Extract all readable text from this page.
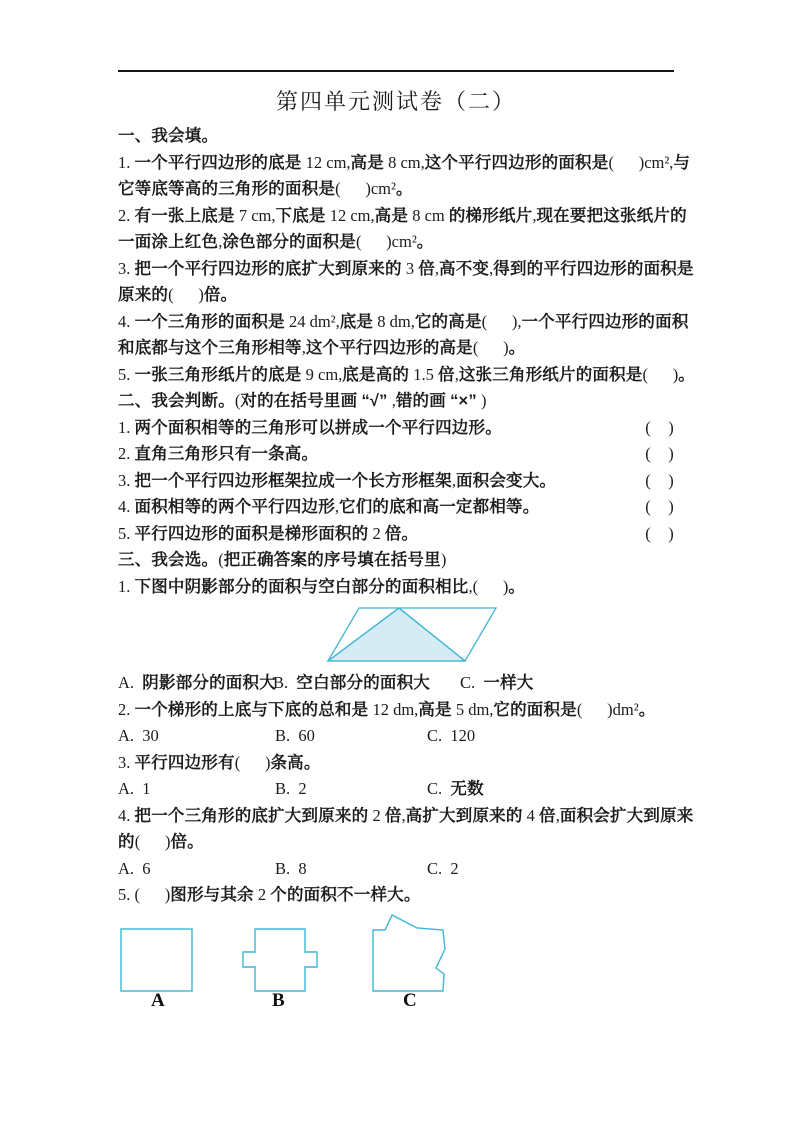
第四单元测试卷（二）
一、我会填。
1. 一个平行四边形的底是 12 cm,高是 8 cm,这个平行四边形的面积是(      )cm²,与
它等底等高的三角形的面积是(      )cm²。
2. 有一张上底是 7 cm,下底是 12 cm,高是 8 cm 的梯形纸片,现在要把这张纸片的
一面涂上红色,涂色部分的面积是(      )cm²。
3. 把一个平行四边形的底扩大到原来的 3 倍,高不变,得到的平行四边形的面积是
原来的(      )倍。
4. 一个三角形的面积是 24 dm²,底是 8 dm,它的高是(      ),一个平行四边形的面积
和底都与这个三角形相等,这个平行四边形的高是(      )。
5. 一张三角形纸片的底是 9 cm,底是高的 1.5 倍,这张三角形纸片的面积是(      )。
二、我会判断。(对的在括号里画 “√” ,错的画 “×” )
1. 两个面积相等的三角形可以拼成一个平行四边形。	(    )
2. 直角三角形只有一条高。	(    )
3. 把一个平行四边形框架拉成一个长方形框架,面积会变大。	(    )
4. 面积相等的两个平行四边形,它们的底和高一定都相等。	(    )
5. 平行四边形的面积是梯形面积的 2 倍。	(    )
三、我会选。(把正确答案的序号填在括号里)
1. 下图中阴影部分的面积与空白部分的面积相比,(      )。
A.  阴影部分的面积大
B.  空白部分的面积大	C.  一样大
2. 一个梯形的上底与下底的总和是 12 dm,高是 5 dm,它的面积是(      )dm²。
A.  30	B.  60	C.  120
3. 平行四边形有(      )条高。
A.  1	B.  2	C.  无数
4. 把一个三角形的底扩大到原来的 2 倍,高扩大到原来的 4 倍,面积会扩大到原来
的(      )倍。
A.  6	B.  8	C.  2
5. (      )图形与其余 2 个的面积不一样大。
A	B	C
